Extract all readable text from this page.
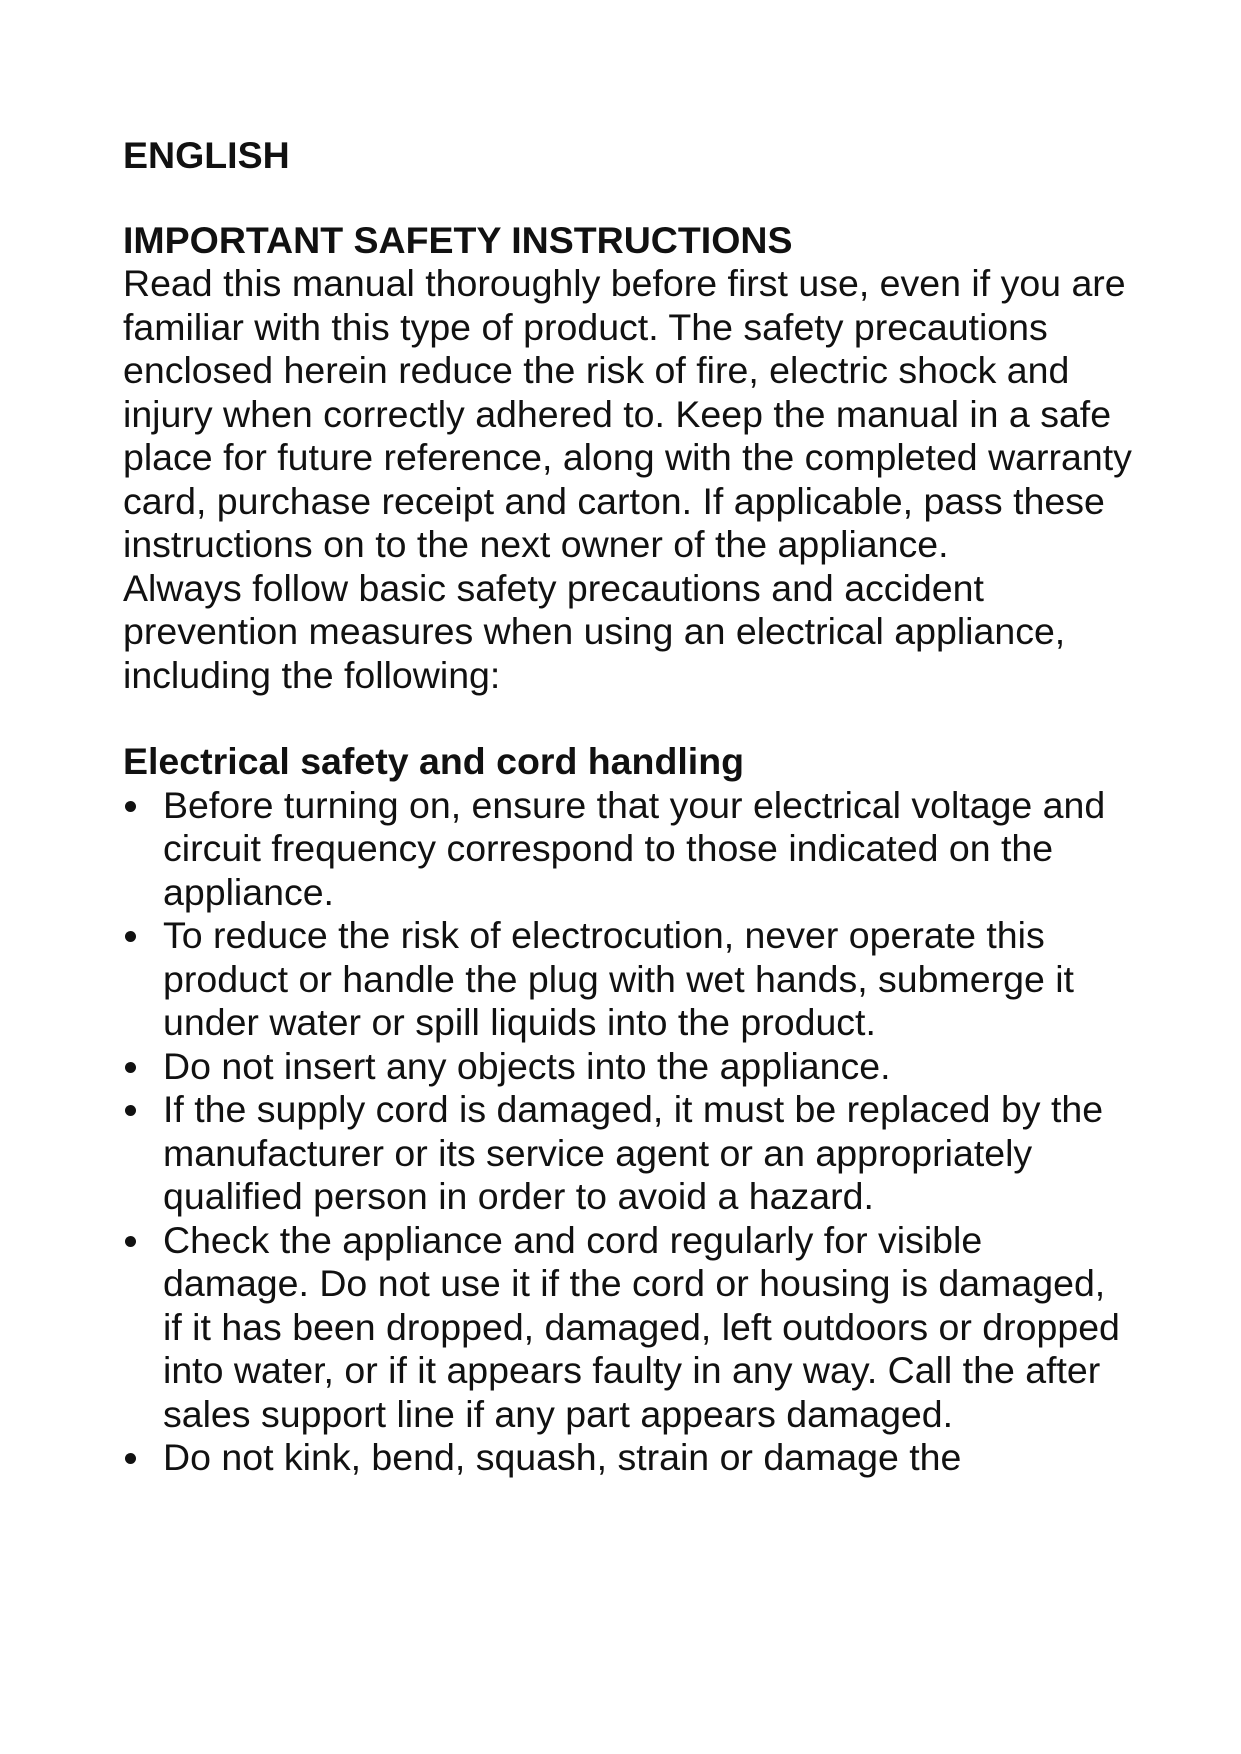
ENGLISH
IMPORTANT SAFETY INSTRUCTIONS

Read this manual thoroughly before first use, even if you are familiar with this type of product. The safety precautions enclosed herein reduce the risk of fire, electric shock and injury when correctly adhered to. Keep the manual in a safe place for future reference, along with the completed warranty card, purchase receipt and carton. If applicable, pass these instructions on to the next owner of the appliance.

Always follow basic safety precautions and accident prevention measures when using an electrical appliance, including the following:

Electrical safety and cord handling
Before turning on, ensure that your electrical voltage and circuit frequency correspond to those indicated on the appliance.
To reduce the risk of electrocution, never operate this product or handle the plug with wet hands, submerge it under water or spill liquids into the product.
Do not insert any objects into the appliance.
If the supply cord is damaged, it must be replaced by the manufacturer or its service agent or an appropriately qualified person in order to avoid a hazard.
Check the appliance and cord regularly for visible damage. Do not use it if the cord or housing is damaged, if it has been dropped, damaged, left outdoors or dropped into water, or if it appears faulty in any way. Call the after sales support line if any part appears damaged.
Do not kink, bend, squash, strain or damage the
